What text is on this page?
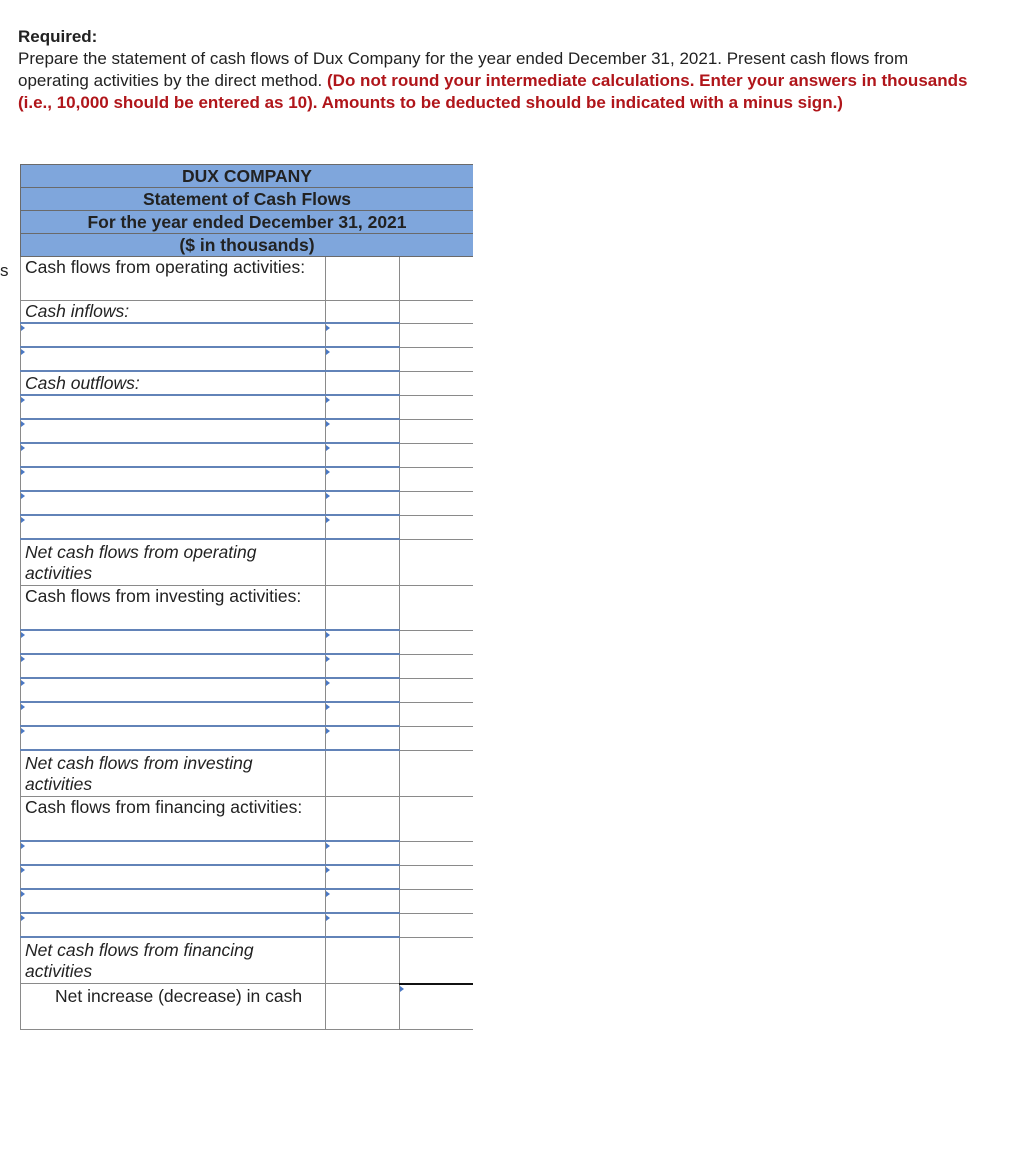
Required:
Prepare the statement of cash flows of Dux Company for the year ended December 31, 2021. Present cash flows from operating activities by the direct method. (Do not round your intermediate calculations. Enter your answers in thousands (i.e., 10,000 should be entered as 10). Amounts to be deducted should be indicated with a minus sign.)
s
DUX COMPANY		
Statement of Cash Flows		
For the year ended December 31, 2021		
($ in thousands)		
Cash flows from operating activities:		
Cash inflows:		

Cash outflows:		

Net cash flows from operating activities		
Cash flows from investing activities:		

Net cash flows from investing activities		
Cash flows from financing activities:		

Net cash flows from financing activities		
Net increase (decrease) in cash		
